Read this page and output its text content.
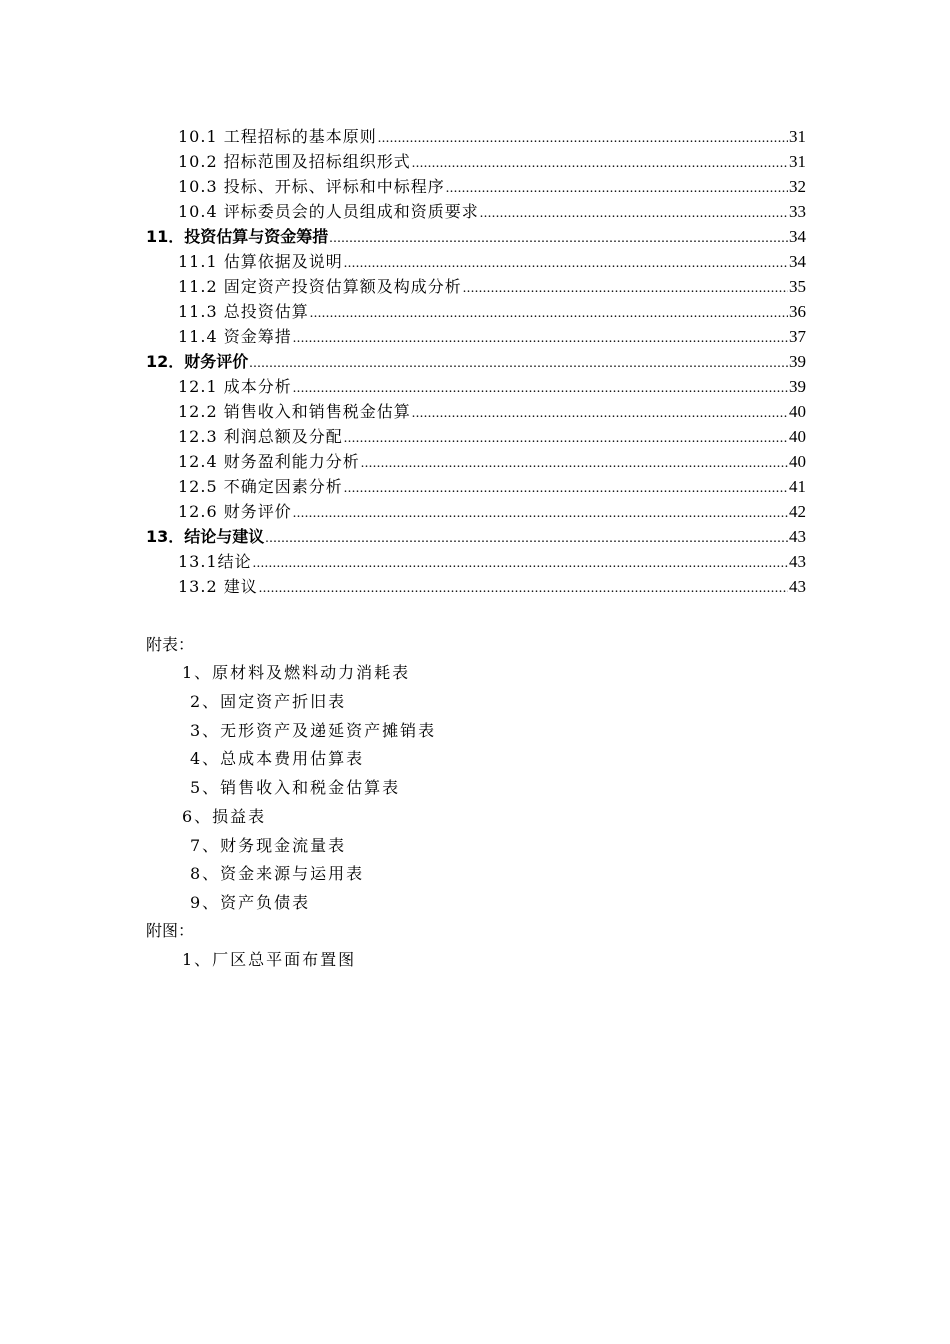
10.1 工程招标的基本原则 .....	31
10.2 招标范围及招标组织形式 .....	31
10.3 投标、开标、评标和中标程序 .....	32
10.4 评标委员会的人员组成和资质要求 .....	33
11．投资估算与资金筹措 .....	34
11.1 估算依据及说明 .....	34
11.2 固定资产投资估算额及构成分析 .....	35
11.3 总投资估算 .....	36
11.4 资金筹措 .....	37
12．财务评价 .....	39
12.1 成本分析 .....	39
12.2 销售收入和销售税金估算 .....	40
12.3 利润总额及分配 .....	40
12.4 财务盈利能力分析 .....	40
12.5 不确定因素分析 .....	41
12.6 财务评价 .....	42
13．结论与建议 .....	43
13.1结论 .....	43
13.2 建议 .....	43
附表：
1、原材料及燃料动力消耗表
2、固定资产折旧表
3、无形资产及递延资产摊销表
4、总成本费用估算表
5、销售收入和税金估算表
6、损益表
7、财务现金流量表
8、资金来源与运用表
9、资产负债表
附图：
1、厂区总平面布置图
